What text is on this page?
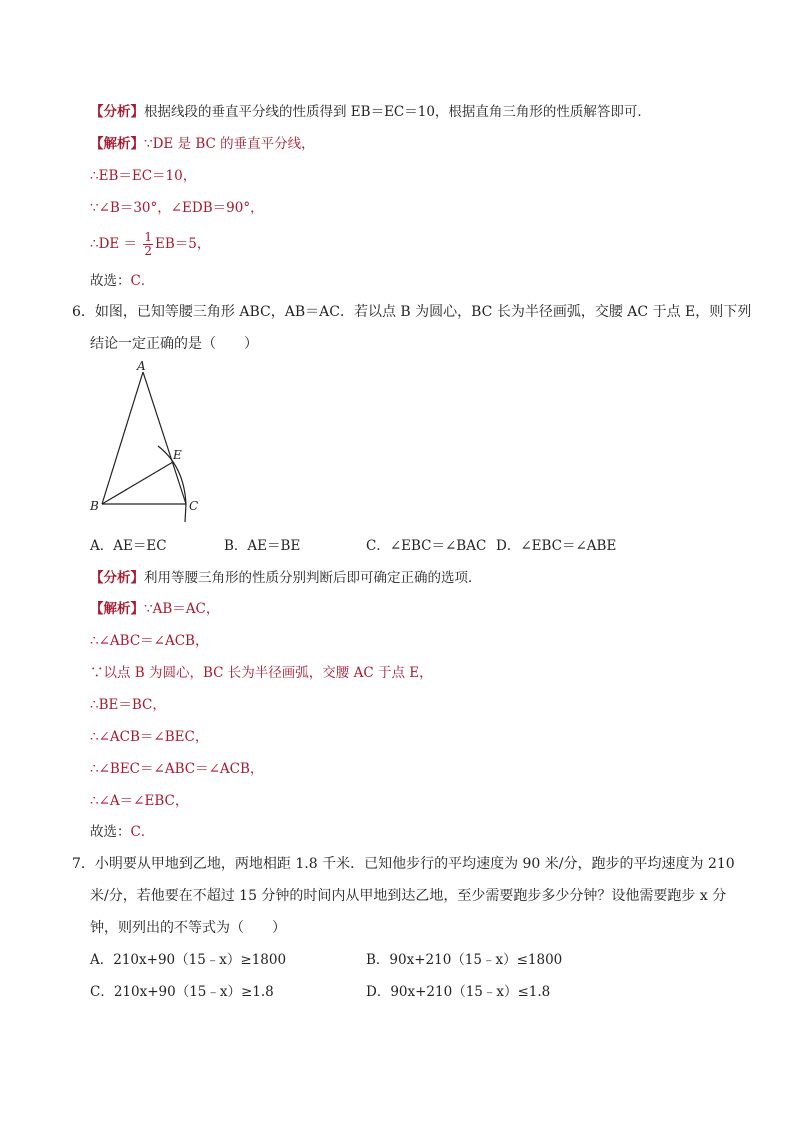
【分析】根据线段的垂直平分线的性质得到 EB＝EC＝10，根据直角三角形的性质解答即可．
【解析】∵DE 是 BC 的垂直平分线，
∴EB＝EC＝10，
∵∠B＝30°，∠EDB＝90°，
∴DE ＝ $\frac{1}{2} EB=5$，
故选：C．
6．如图，已知等腰三角形 ABC，AB＝AC．若以点 B 为圆心，BC 长为半径画弧，交腰 AC 于点 E，则下列
结论一定正确的是（　　）
A
B	C
E
A．AE＝EC	B．AE＝BE	C．∠EBC＝∠BAC D．∠EBC＝∠ABE
【分析】利用等腰三角形的性质分别判断后即可确定正确的选项．
【解析】∵AB＝AC，
∴∠ABC＝∠ACB，
∵以点 B 为圆心，BC 长为半径画弧，交腰 AC 于点 E，
∴BE＝BC，
∴∠ACB＝∠BEC，
∴∠BEC＝∠ABC＝∠ACB，
∴∠A＝∠EBC，
故选：C．
7．小明要从甲地到乙地，两地相距 1.8 千米．已知他步行的平均速度为 90 米/分，跑步的平均速度为 210
米/分，若他要在不超过 15 分钟的时间内从甲地到达乙地，至少需要跑步多少分钟？设他需要跑步 x 分
钟，则列出的不等式为（　　）
A．210x+90（15﹣x）≥1800	B．90x+210（15﹣x）≤1800
C．210x+90（15﹣x）≥1.8	D．90x+210（15﹣x）≤1.8
